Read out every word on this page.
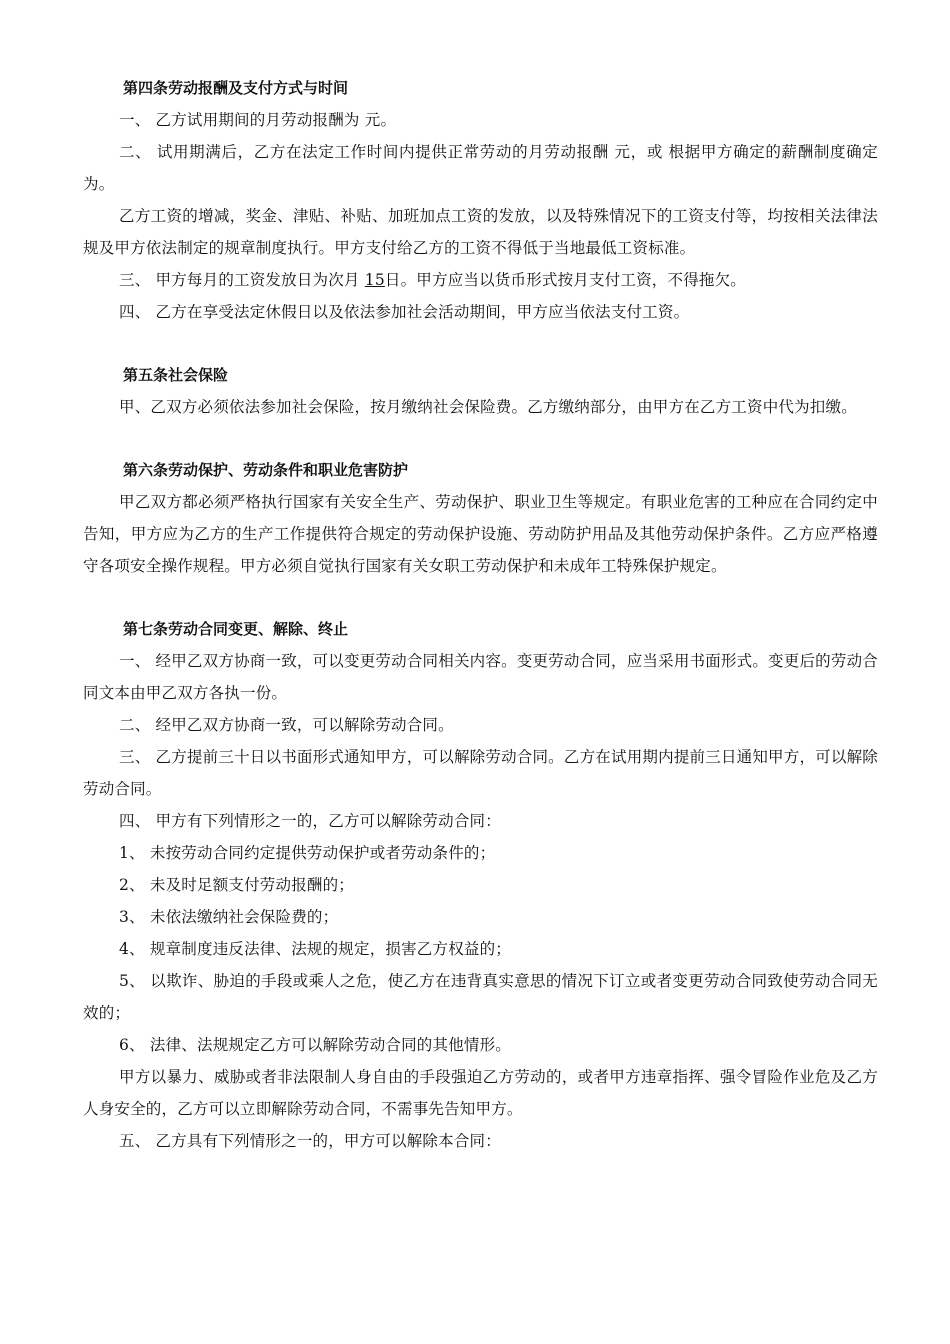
第四条劳动报酬及支付方式与时间

一、 乙方试用期间的月劳动报酬为 元。

二、 试用期满后，乙方在法定工作时间内提供正常劳动的月劳动报酬 元，或 根据甲方确定的薪酬制度确定为。

乙方工资的增减，奖金、津贴、补贴、加班加点工资的发放，以及特殊情况下的工资支付等，均按相关法律法规及甲方依法制定的规章制度执行。甲方支付给乙方的工资不得低于当地最低工资标准。

三、 甲方每月的工资发放日为次月 15日。甲方应当以货币形式按月支付工资，不得拖欠。

四、 乙方在享受法定休假日以及依法参加社会活动期间，甲方应当依法支付工资。

第五条社会保险

甲、乙双方必须依法参加社会保险，按月缴纳社会保险费。乙方缴纳部分，由甲方在乙方工资中代为扣缴。

第六条劳动保护、劳动条件和职业危害防护

甲乙双方都必须严格执行国家有关安全生产、劳动保护、职业卫生等规定。有职业危害的工种应在合同约定中告知，甲方应为乙方的生产工作提供符合规定的劳动保护设施、劳动防护用品及其他劳动保护条件。乙方应严格遵守各项安全操作规程。甲方必须自觉执行国家有关女职工劳动保护和未成年工特殊保护规定。

第七条劳动合同变更、解除、终止

一、 经甲乙双方协商一致，可以变更劳动合同相关内容。变更劳动合同，应当采用书面形式。变更后的劳动合同文本由甲乙双方各执一份。

二、 经甲乙双方协商一致，可以解除劳动合同。

三、 乙方提前三十日以书面形式通知甲方，可以解除劳动合同。乙方在试用期内提前三日通知甲方，可以解除劳动合同。

四、 甲方有下列情形之一的，乙方可以解除劳动合同：

1、 未按劳动合同约定提供劳动保护或者劳动条件的；

2、 未及时足额支付劳动报酬的；

3、 未依法缴纳社会保险费的；

4、 规章制度违反法律、法规的规定，损害乙方权益的；

5、 以欺诈、胁迫的手段或乘人之危，使乙方在违背真实意思的情况下订立或者变更劳动合同致使劳动合同无效的；

6、 法律、法规规定乙方可以解除劳动合同的其他情形。

甲方以暴力、威胁或者非法限制人身自由的手段强迫乙方劳动的，或者甲方违章指挥、强令冒险作业危及乙方人身安全的，乙方可以立即解除劳动合同，不需事先告知甲方。

五、 乙方具有下列情形之一的，甲方可以解除本合同：
